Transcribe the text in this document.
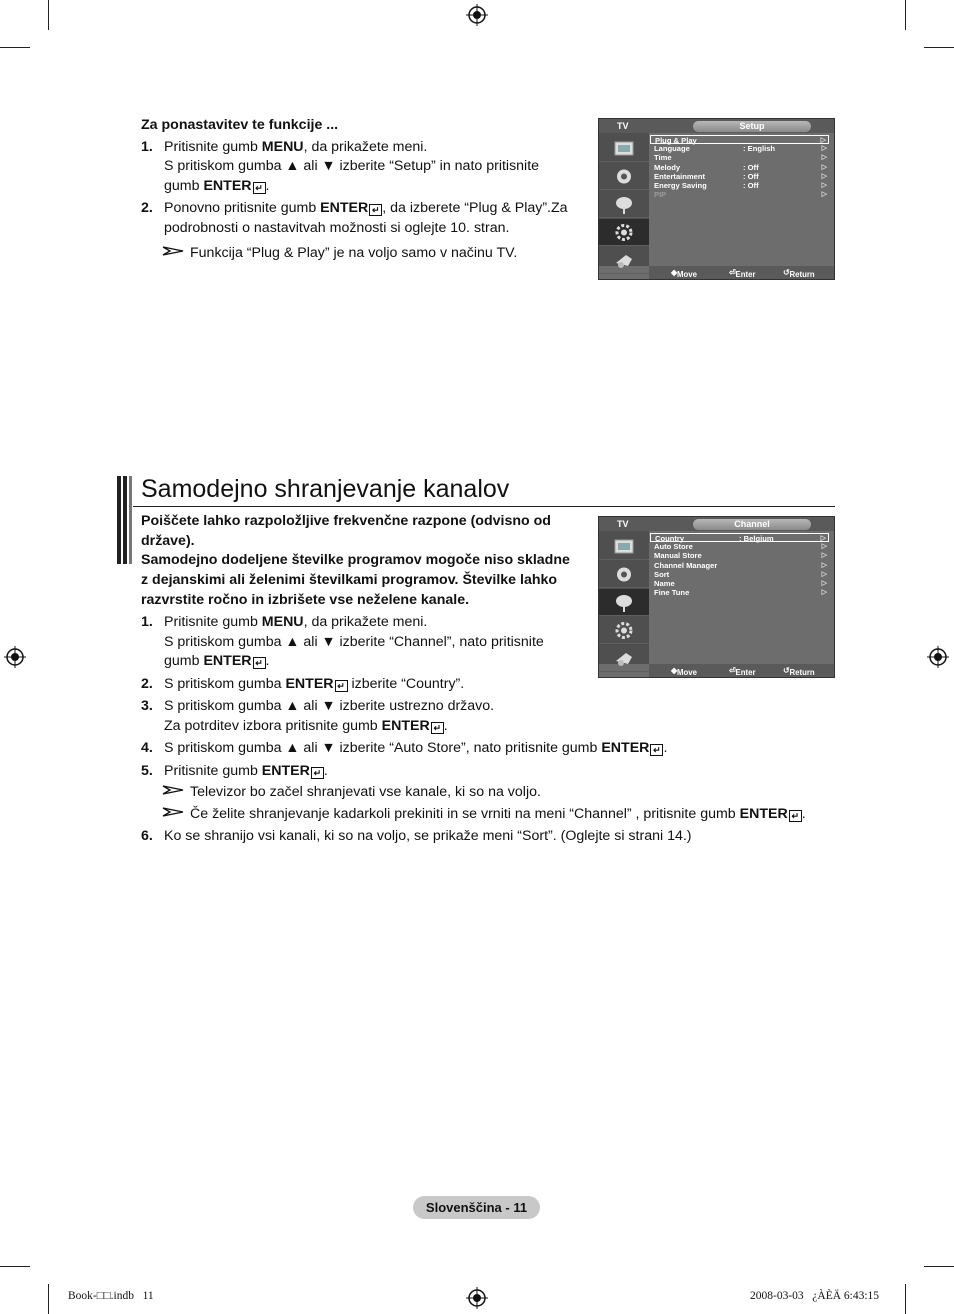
Za ponastavitev te funkcije ...
1. Pritisnite gumb MENU, da prikažete meni.
S pritiskom gumba ▲ ali ▼ izberite “Setup” in nato pritisnite
gumb ENTER ↵ .
2. Ponovno pritisnite gumb ENTER ↵ , da izberete “Plug & Play”.Za
podrobnosti o nastavitvah možnosti si oglejte 10. stran.
Funkcija “Plug & Play” je na voljo samo v načinu TV.
TV	Setup
Plug & Play	▷
Language	: English	▷
Time	▷
Melody	: Off	▷
Entertainment	: Off	▷
Energy Saving	: Off	▷
PIP	▷
◆ Move	⏎ Enter	↺ Return
Samodejno shranjevanje kanalov
Poiščete lahko razpoložljive frekvenčne razpone (odvisno od
države).
Samodejno dodeljene številke programov mogoče niso skladne
z dejanskimi ali želenimi številkami programov. Številke lahko
razvrstite ročno in izbrišete vse neželene kanale.
1. Pritisnite gumb MENU, da prikažete meni.
S pritiskom gumba ▲ ali ▼ izberite “Channel”, nato pritisnite
gumb ENTER ↵ .
2. S pritiskom gumba ENTER ↵ izberite “Country”.
3. S pritiskom gumba ▲ ali ▼ izberite ustrezno državo.
Za potrditev izbora pritisnite gumb ENTER ↵ .
4. S pritiskom gumba ▲ ali ▼ izberite “Auto Store”, nato pritisnite gumb ENTER ↵ .
5. Pritisnite gumb ENTER ↵ .
Televizor bo začel shranjevati vse kanale, ki so na voljo.
Če želite shranjevanje kadarkoli prekiniti in se vrniti na meni “Channel” , pritisnite gumb ENTER ↵ .
6. Ko se shranijo vsi kanali, ki so na voljo, se prikaže meni “Sort”. (Oglejte si strani 14.)
TV	Channel
Country	: Belgium	▷
Auto Store	▷
Manual Store	▷
Channel Manager	▷
Sort	▷
Name	▷
Fine Tune	▷
◆ Move	⏎ Enter	↺ Return
Slovenščina - 11
Book-□□.indb   11	2008-03-03   ¿ÀÈÄ 6:43:15
